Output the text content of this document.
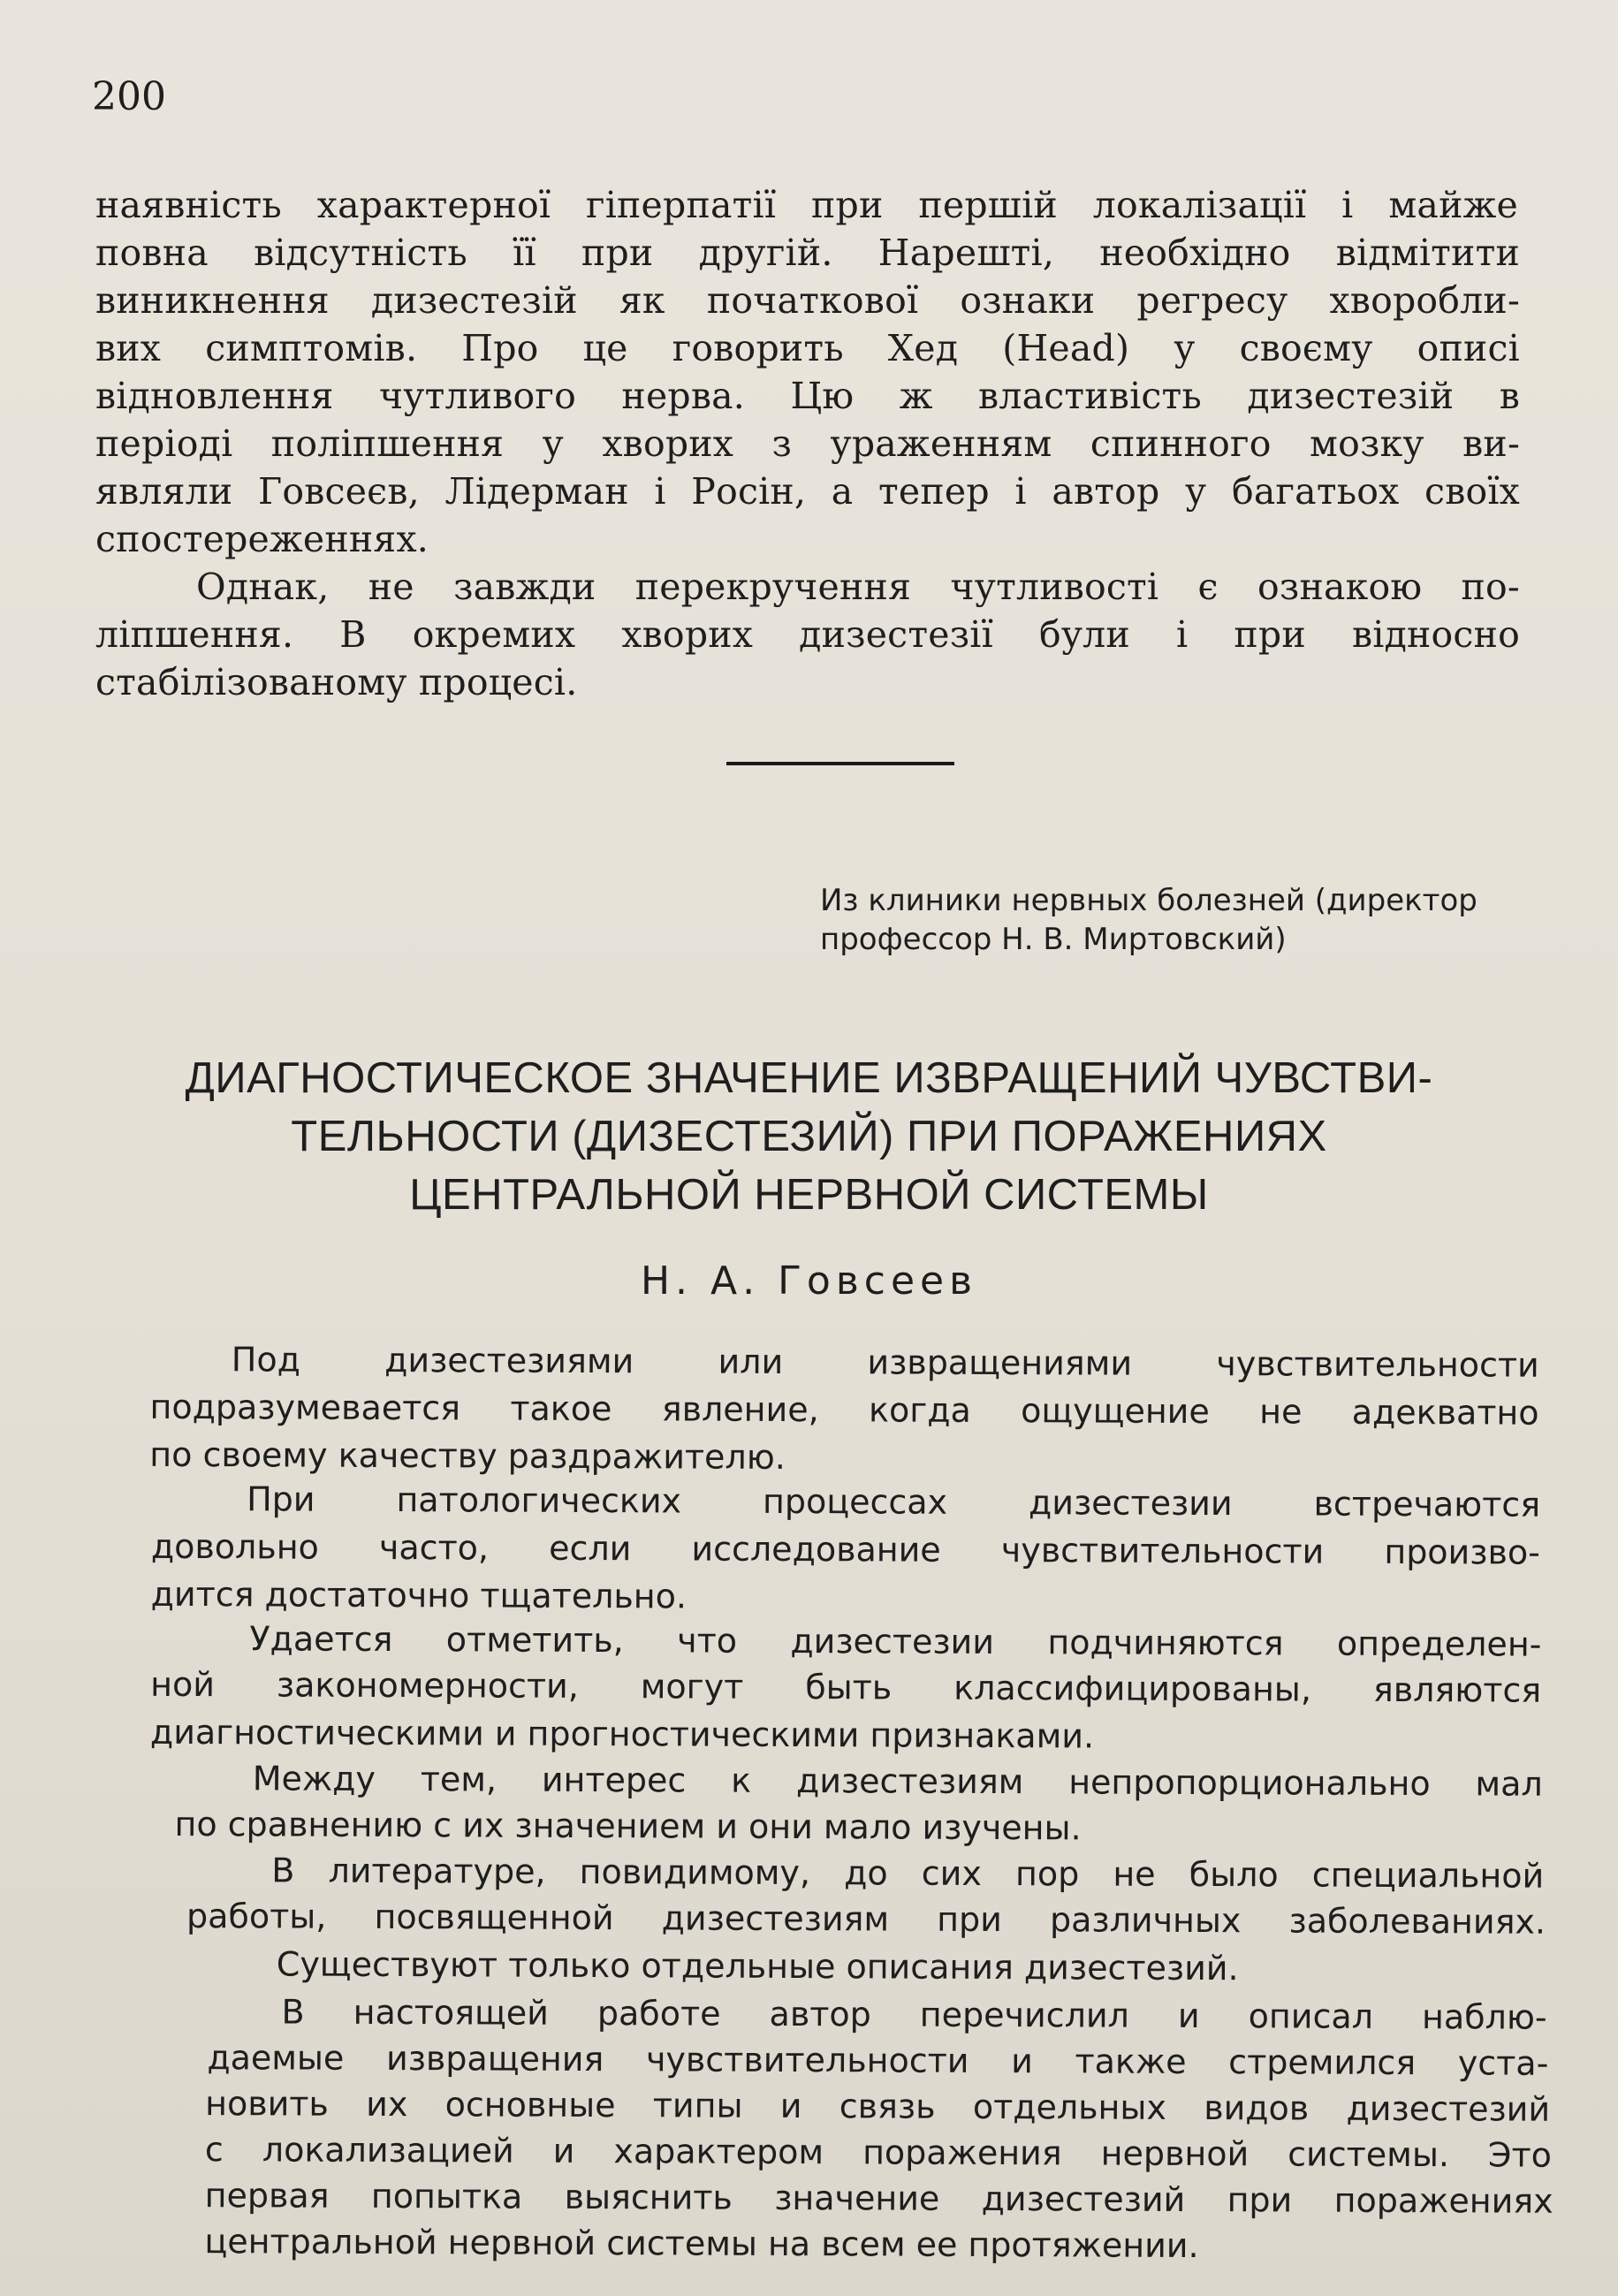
200
наявність характерної гіперпатії при першій локалізації і майже
повна відсутність її при другій. Нарешті, необхідно відмітити
виникнення дизестезій як початкової ознаки регресу хворобли-
вих симптомів. Про це говорить Хед (Head) у своєму описі
відновлення чутливого нерва. Цю ж властивість дизестезій в
періоді поліпшення у хворих з ураженням спинного мозку ви-
являли Говсеєв, Лідерман і Росін, а тепер і автор у багатьох своїх
спостереженнях.
Однак, не завжди перекручення чутливості є ознакою по-
ліпшення. В окремих хворих дизестезії були і при відносно
стабілізованому процесі.
Из клиники нервных болезней (директор
профессор Н. В. Миртовский)
ДИАГНОСТИЧЕСКОЕ ЗНАЧЕНИЕ ИЗВРАЩЕНИЙ ЧУВСТВИ-
ТЕЛЬНОСТИ (ДИЗЕСТЕЗИЙ) ПРИ ПОРАЖЕНИЯХ
ЦЕНТРАЛЬНОЙ НЕРВНОЙ СИСТЕМЫ
Н. А. Говсеев
Под дизестезиями или извращениями чувствительности
подразумевается такое явление, когда ощущение не адекватно
по своему качеству раздражителю.
При патологических процессах дизестезии встречаются
довольно часто, если исследование чувствительности произво-
дится достаточно тщательно.
Удается отметить, что дизестезии подчиняются определен-
ной закономерности, могут быть классифицированы, являются
диагностическими и прогностическими признаками.
Между тем, интерес к дизестезиям непропорционально мал
по сравнению с их значением и они мало изучены.
В литературе, повидимому, до сих пор не было специальной
работы, посвященной дизестезиям при различных заболеваниях.
Существуют только отдельные описания дизестезий.
В настоящей работе автор перечислил и описал наблю-
даемые извращения чувствительности и также стремился уста-
новить их основные типы и связь отдельных видов дизестезий
с локализацией и характером поражения нервной системы. Это
первая попытка выяснить значение дизестезий при поражениях
центральной нервной системы на всем ее протяжении.
